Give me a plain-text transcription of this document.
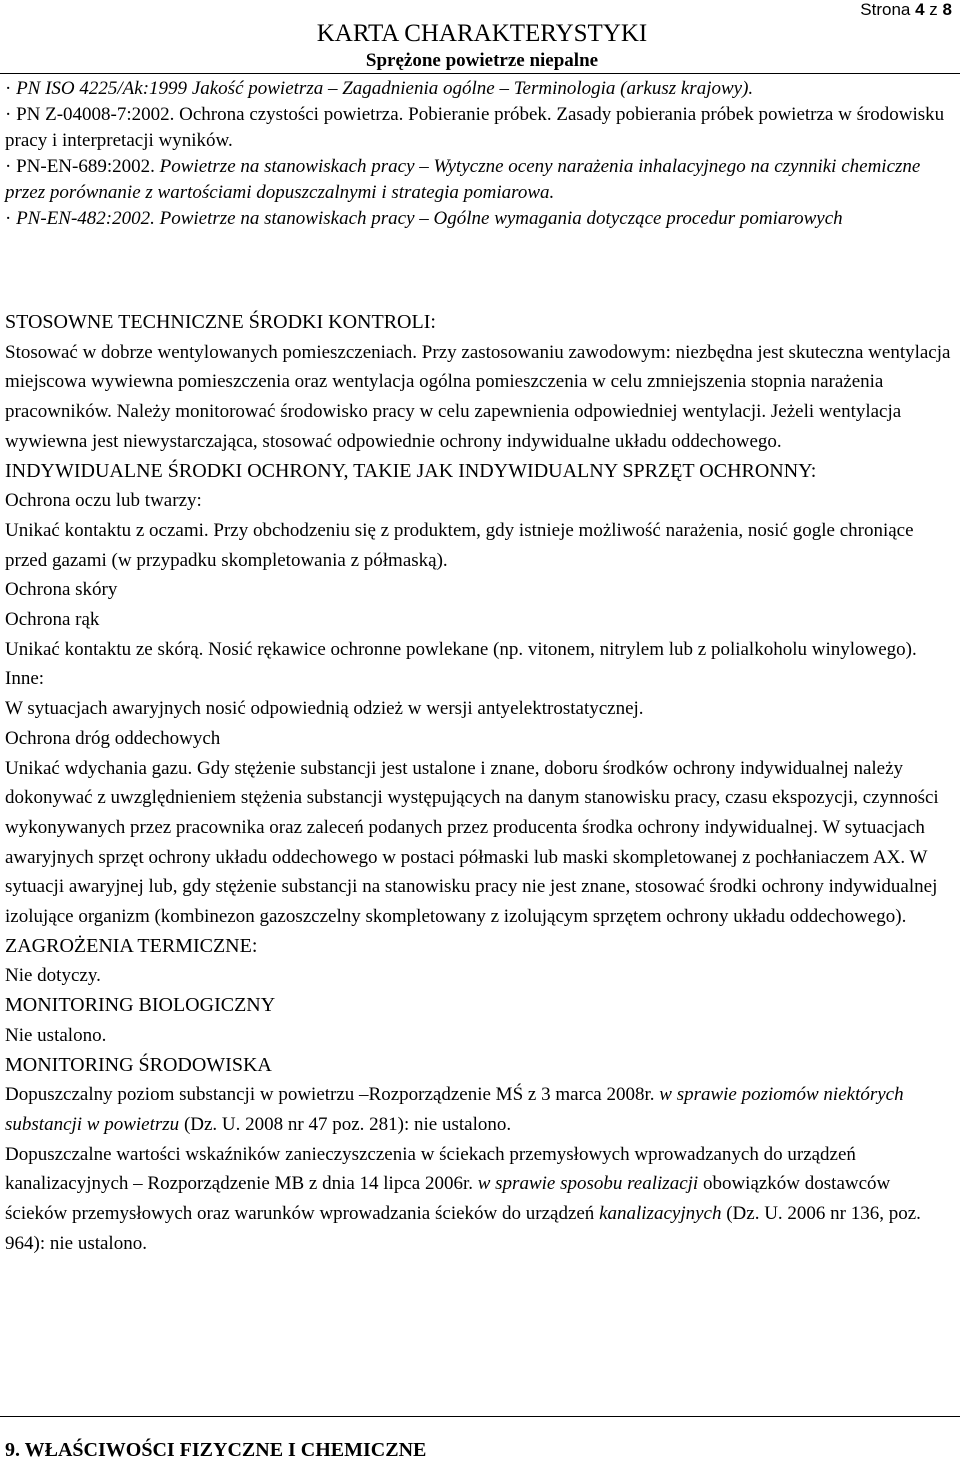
Strona 4 z 8
KARTA CHARAKTERYSTYKI
Sprężone powietrze niepalne

· PN ISO 4225/Ak:1999 Jakość powietrza – Zagadnienia ogólne – Terminologia (arkusz krajowy).

· PN Z-04008-7:2002. Ochrona czystości powietrza. Pobieranie próbek. Zasady pobierania próbek powietrza w środowisku pracy i interpretacji wyników.

· PN-EN-689:2002. Powietrze na stanowiskach pracy – Wytyczne oceny narażenia inhalacyjnego na czynniki chemiczne przez porównanie z wartościami dopuszczalnymi i strategia pomiarowa.

· PN-EN-482:2002. Powietrze na stanowiskach pracy – Ogólne wymagania dotyczące procedur pomiarowych

STOSOWNE TECHNICZNE ŚRODKI KONTROLI:

Stosować w dobrze wentylowanych pomieszczeniach. Przy zastosowaniu zawodowym: niezbędna jest skuteczna wentylacja miejscowa wywiewna pomieszczenia oraz wentylacja ogólna pomieszczenia w celu zmniejszenia stopnia narażenia pracowników. Należy monitorować środowisko pracy w celu zapewnienia odpowiedniej wentylacji. Jeżeli wentylacja wywiewna jest niewystarczająca, stosować odpowiednie ochrony indywidualne układu oddechowego.

INDYWIDUALNE ŚRODKI OCHRONY, TAKIE JAK INDYWIDUALNY SPRZĘT OCHRONNY:

Ochrona oczu lub twarzy:

Unikać kontaktu z oczami. Przy obchodzeniu się z produktem, gdy istnieje możliwość narażenia, nosić gogle chroniące przed gazami (w przypadku skompletowania z półmaską).

Ochrona skóry

Ochrona rąk

Unikać kontaktu ze skórą. Nosić rękawice ochronne powlekane (np. vitonem, nitrylem lub z polialkoholu winylowego).

Inne:

W sytuacjach awaryjnych nosić odpowiednią odzież w wersji antyelektrostatycznej.

Ochrona dróg oddechowych

Unikać wdychania gazu. Gdy stężenie substancji jest ustalone i znane, doboru środków ochrony indywidualnej należy dokonywać z uwzględnieniem stężenia substancji występujących na danym stanowisku pracy, czasu ekspozycji, czynności wykonywanych przez pracownika oraz zaleceń podanych przez producenta środka ochrony indywidualnej. W sytuacjach awaryjnych sprzęt ochrony układu oddechowego w postaci półmaski lub maski skompletowanej z pochłaniaczem AX. W sytuacji awaryjnej lub, gdy stężenie substancji na stanowisku pracy nie jest znane, stosować środki ochrony indywidualnej izolujące organizm (kombinezon gazoszczelny skompletowany z izolującym sprzętem ochrony układu oddechowego).

ZAGROŻENIA TERMICZNE:

Nie dotyczy.

MONITORING BIOLOGICZNY

Nie ustalono.

MONITORING ŚRODOWISKA

Dopuszczalny poziom substancji w powietrzu –Rozporządzenie MŚ z 3 marca 2008r. w sprawie poziomów niektórych substancji w powietrzu (Dz. U. 2008 nr 47 poz. 281): nie ustalono.

Dopuszczalne wartości wskaźników zanieczyszczenia w ściekach przemysłowych wprowadzanych do urządzeń kanalizacyjnych – Rozporządzenie MB z dnia 14 lipca 2006r. w sprawie sposobu realizacji obowiązków dostawców ścieków przemysłowych oraz warunków wprowadzania ścieków do urządzeń kanalizacyjnych (Dz. U. 2006 nr 136, poz. 964): nie ustalono.

9. WŁAŚCIWOŚCI FIZYCZNE I CHEMICZNE
